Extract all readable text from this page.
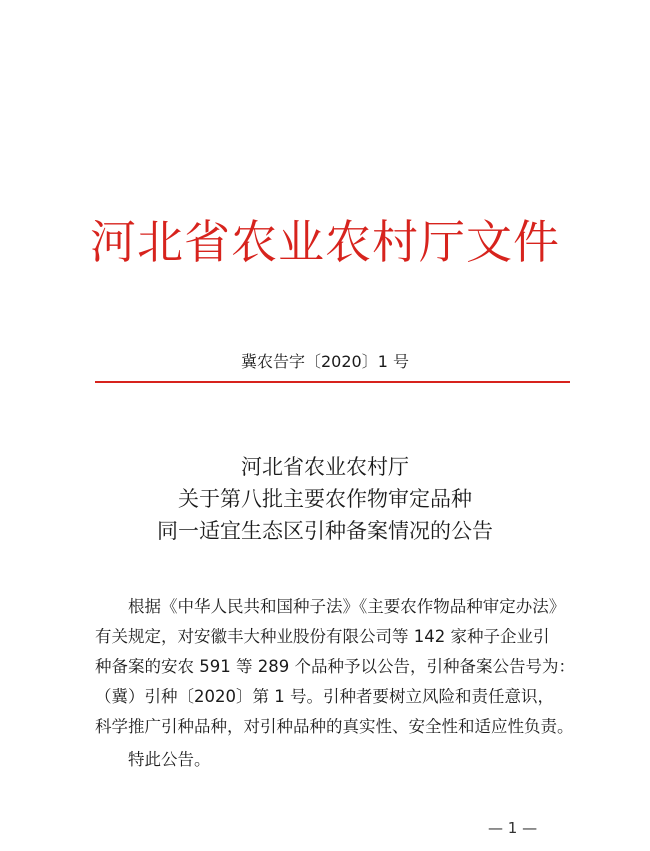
河北省农业农村厅文件
冀农告字〔2020〕1 号
河北省农业农村厅
关于第八批主要农作物审定品种
同一适宜生态区引种备案情况的公告
根据《中华人民共和国种子法》《主要农作物品种审定办法》
有关规定，对安徽丰大种业股份有限公司等 142 家种子企业引
种备案的安农 591 等 289 个品种予以公告，引种备案公告号为：
（冀）引种〔2020〕第 1 号。引种者要树立风险和责任意识，
科学推广引种品种，对引种品种的真实性、安全性和适应性负责。
特此公告。
— 1 —
